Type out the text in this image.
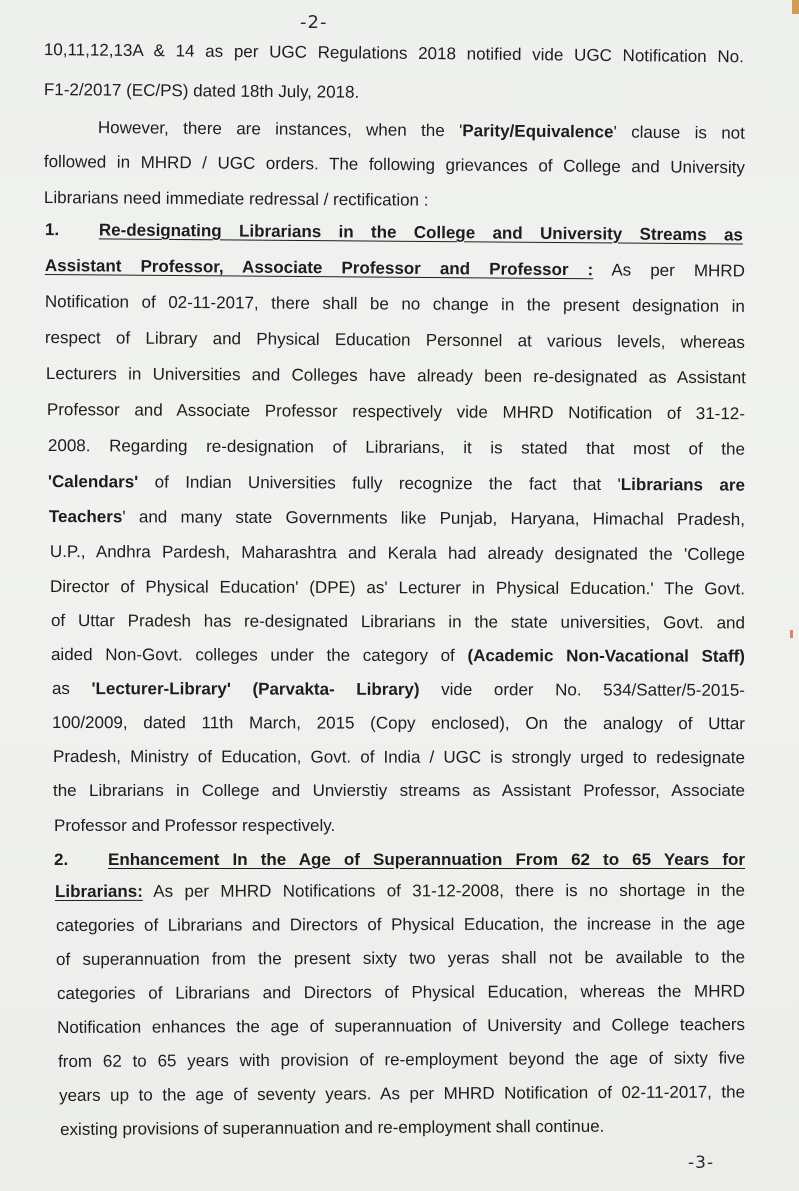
-2-
10,11,12,13A & 14 as per UGC Regulations 2018 notified vide UGC Notification No.
F1-2/2017 (EC/PS) dated 18th July, 2018.
However, there are instances, when the 'Parity/Equivalence' clause is not
followed in MHRD / UGC orders. The following grievances of College and University
Librarians need immediate redressal / rectification :
1. Re-designating Librarians in the College and University Streams as
Assistant Professor, Associate Professor and Professor : As per MHRD
Notification of 02-11-2017, there shall be no change in the present designation in
respect of Library and Physical Education Personnel at various levels, whereas
Lecturers in Universities and Colleges have already been re-designated as Assistant
Professor and Associate Professor respectively vide MHRD Notification of 31-12-
2008. Regarding re-designation of Librarians, it is stated that most of the
'Calendars' of Indian Universities fully recognize the fact that 'Librarians are
Teachers' and many state Governments like Punjab, Haryana, Himachal Pradesh,
U.P., Andhra Pardesh, Maharashtra and Kerala had already designated the 'College
Director of Physical Education' (DPE) as' Lecturer in Physical Education.' The Govt.
of Uttar Pradesh has re-designated Librarians in the state universities, Govt. and
aided Non-Govt. colleges under the category of (Academic Non-Vacational Staff)
as 'Lecturer-Library' (Parvakta- Library) vide order No. 534/Satter/5-2015-
100/2009, dated 11th March, 2015 (Copy enclosed), On the analogy of Uttar
Pradesh, Ministry of Education, Govt. of India / UGC is strongly urged to redesignate
the Librarians in College and Unvierstiy streams as Assistant Professor, Associate
Professor and Professor respectively.
2. Enhancement In the Age of Superannuation From 62 to 65 Years for
Librarians: As per MHRD Notifications of 31-12-2008, there is no shortage in the
categories of Librarians and Directors of Physical Education, the increase in the age
of superannuation from the present sixty two yeras shall not be available to the
categories of Librarians and Directors of Physical Education, whereas the MHRD
Notification enhances the age of superannuation of University and College teachers
from 62 to 65 years with provision of re-employment beyond the age of sixty five
years up to the age of seventy years. As per MHRD Notification of 02-11-2017, the
existing provisions of superannuation and re-employment shall continue.
-3-
